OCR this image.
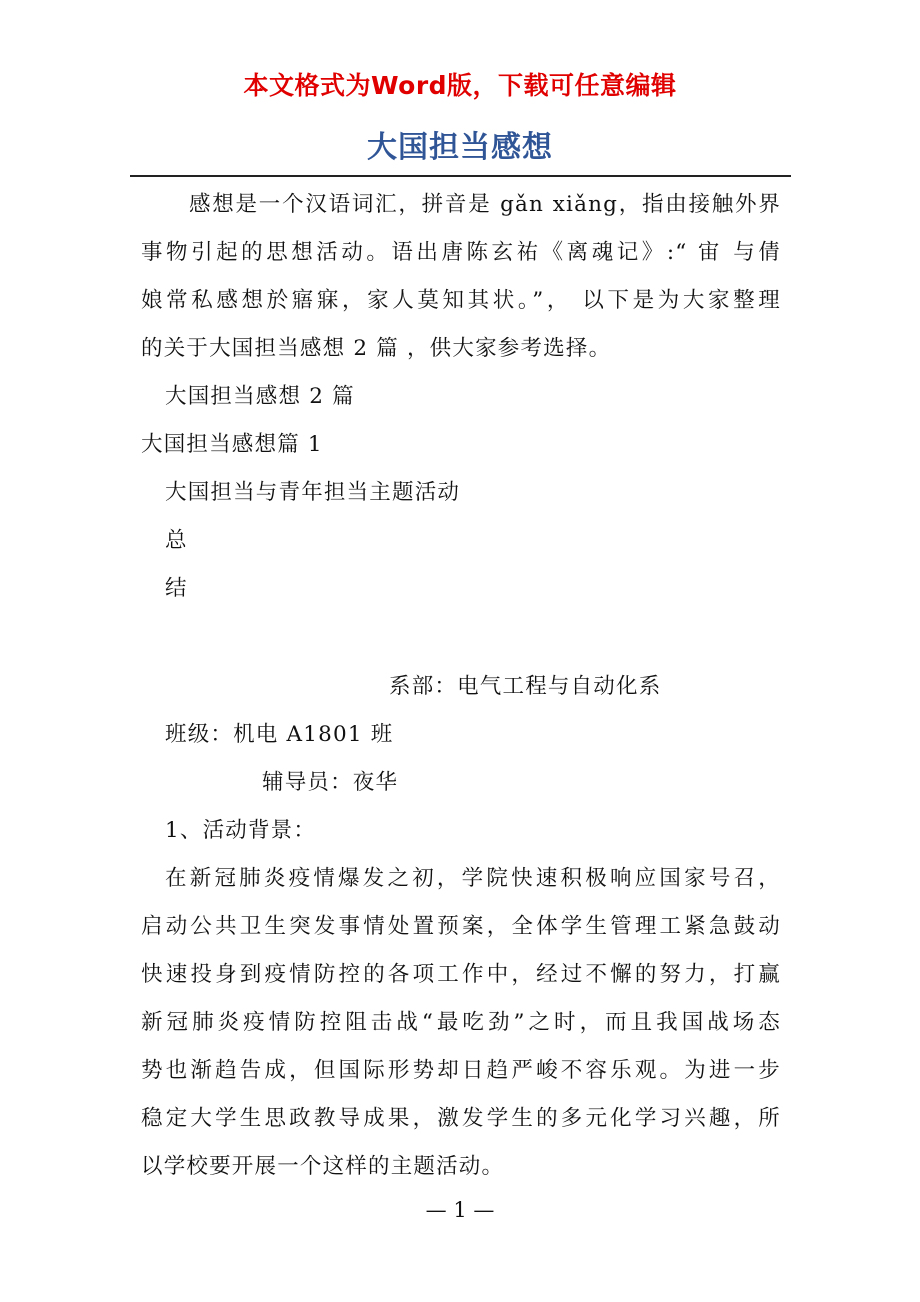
本文格式为Word版，下载可任意编辑
大国担当感想
感想是一个汉语词汇，拼音是 gǎn xiǎng，指由接触外界
事物引起的思想活动。语出唐陈玄祐《离魂记》:“ 宙 与倩
娘常私感想於寤寐，家人莫知其状。”， 以下是为大家整理
的关于大国担当感想 2 篇 ，供大家参考选择。
大国担当感想 2 篇
大国担当感想篇 1
大国担当与青年担当主题活动
总
结
系部：电气工程与自动化系
班级：机电 A1801 班
辅导员：夜华
1、活动背景：
在新冠肺炎疫情爆发之初，学院快速积极响应国家号召，
启动公共卫生突发事情处置预案，全体学生管理工紧急鼓动
快速投身到疫情防控的各项工作中，经过不懈的努力，打赢
新冠肺炎疫情防控阻击战“最吃劲”之时，而且我国战场态
势也渐趋告成，但国际形势却日趋严峻不容乐观。为进一步
稳定大学生思政教导成果，激发学生的多元化学习兴趣，所
以学校要开展一个这样的主题活动。
— 1 —
